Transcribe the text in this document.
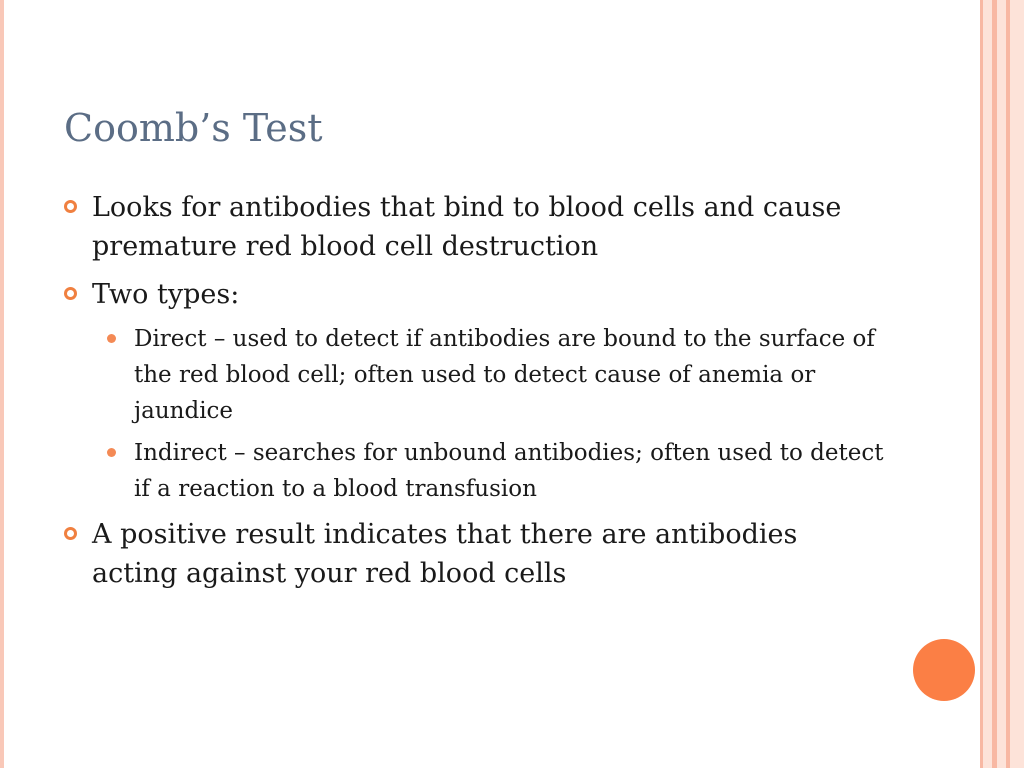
Coomb’s Test
Looks for antibodies that bind to blood cells and cause premature red blood cell destruction
Two types:
Direct – used to detect if antibodies are bound to the surface of the red blood cell; often used to detect cause of anemia or jaundice
Indirect – searches for unbound antibodies; often used to detect if a reaction to a blood transfusion
A positive result indicates that there are antibodies acting against your red blood cells
